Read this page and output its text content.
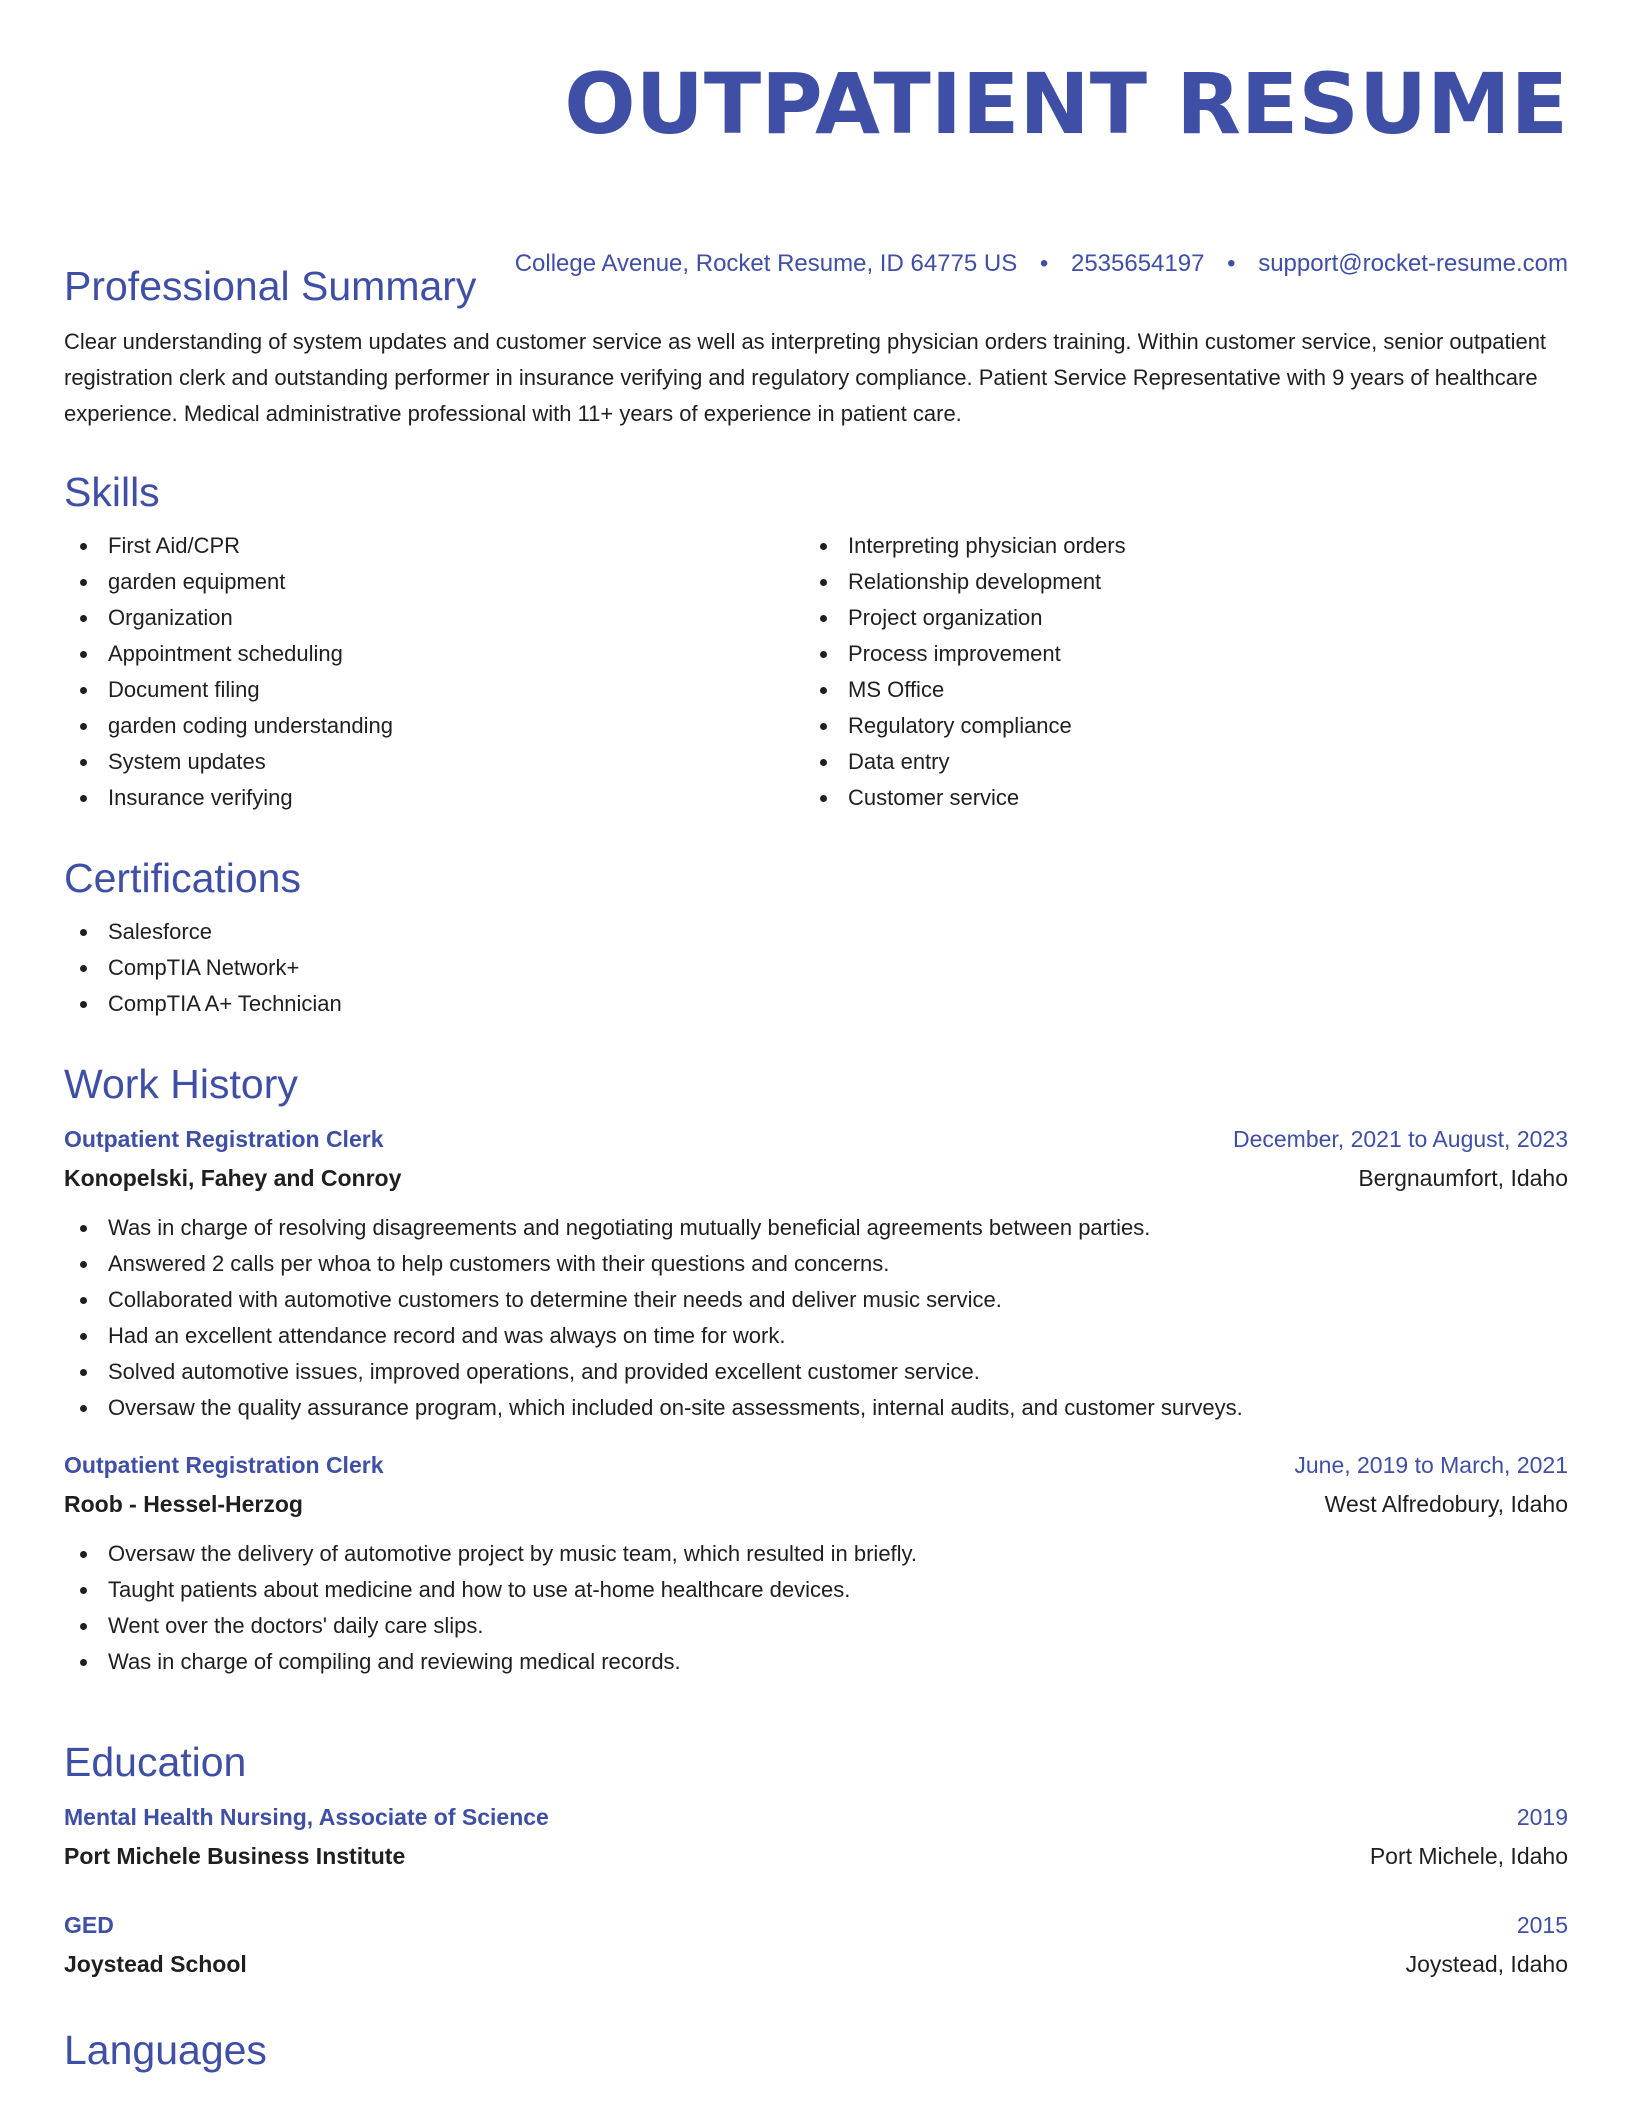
OUTPATIENT RESUME
College Avenue, Rocket Resume, ID 64775 US • 2535654197 • support@rocket-resume.com
Professional Summary

Clear understanding of system updates and customer service as well as interpreting physician orders training. Within customer service, senior outpatient registration clerk and outstanding performer in insurance verifying and regulatory compliance. Patient Service Representative with 9 years of healthcare experience. Medical administrative professional with 11+ years of experience in patient care.

Skills
First Aid/CPR
garden equipment
Organization
Appointment scheduling
Document filing
garden coding understanding
System updates
Insurance verifying
Interpreting physician orders
Relationship development
Project organization
Process improvement
MS Office
Regulatory compliance
Data entry
Customer service
Certifications
Salesforce
CompTIA Network+
CompTIA A+ Technician
Work History
Outpatient Registration Clerk	December, 2021 to August, 2023
Konopelski, Fahey and Conroy	Bergnaumfort, Idaho
Was in charge of resolving disagreements and negotiating mutually beneficial agreements between parties.
Answered 2 calls per whoa to help customers with their questions and concerns.
Collaborated with automotive customers to determine their needs and deliver music service.
Had an excellent attendance record and was always on time for work.
Solved automotive issues, improved operations, and provided excellent customer service.
Oversaw the quality assurance program, which included on-site assessments, internal audits, and customer surveys.
Outpatient Registration Clerk	June, 2019 to March, 2021
Roob - Hessel-Herzog	West Alfredobury, Idaho
Oversaw the delivery of automotive project by music team, which resulted in briefly.
Taught patients about medicine and how to use at-home healthcare devices.
Went over the doctors' daily care slips.
Was in charge of compiling and reviewing medical records.
Education
Mental Health Nursing, Associate of Science	2019
Port Michele Business Institute	Port Michele, Idaho
GED	2015
Joystead School	Joystead, Idaho
Languages
